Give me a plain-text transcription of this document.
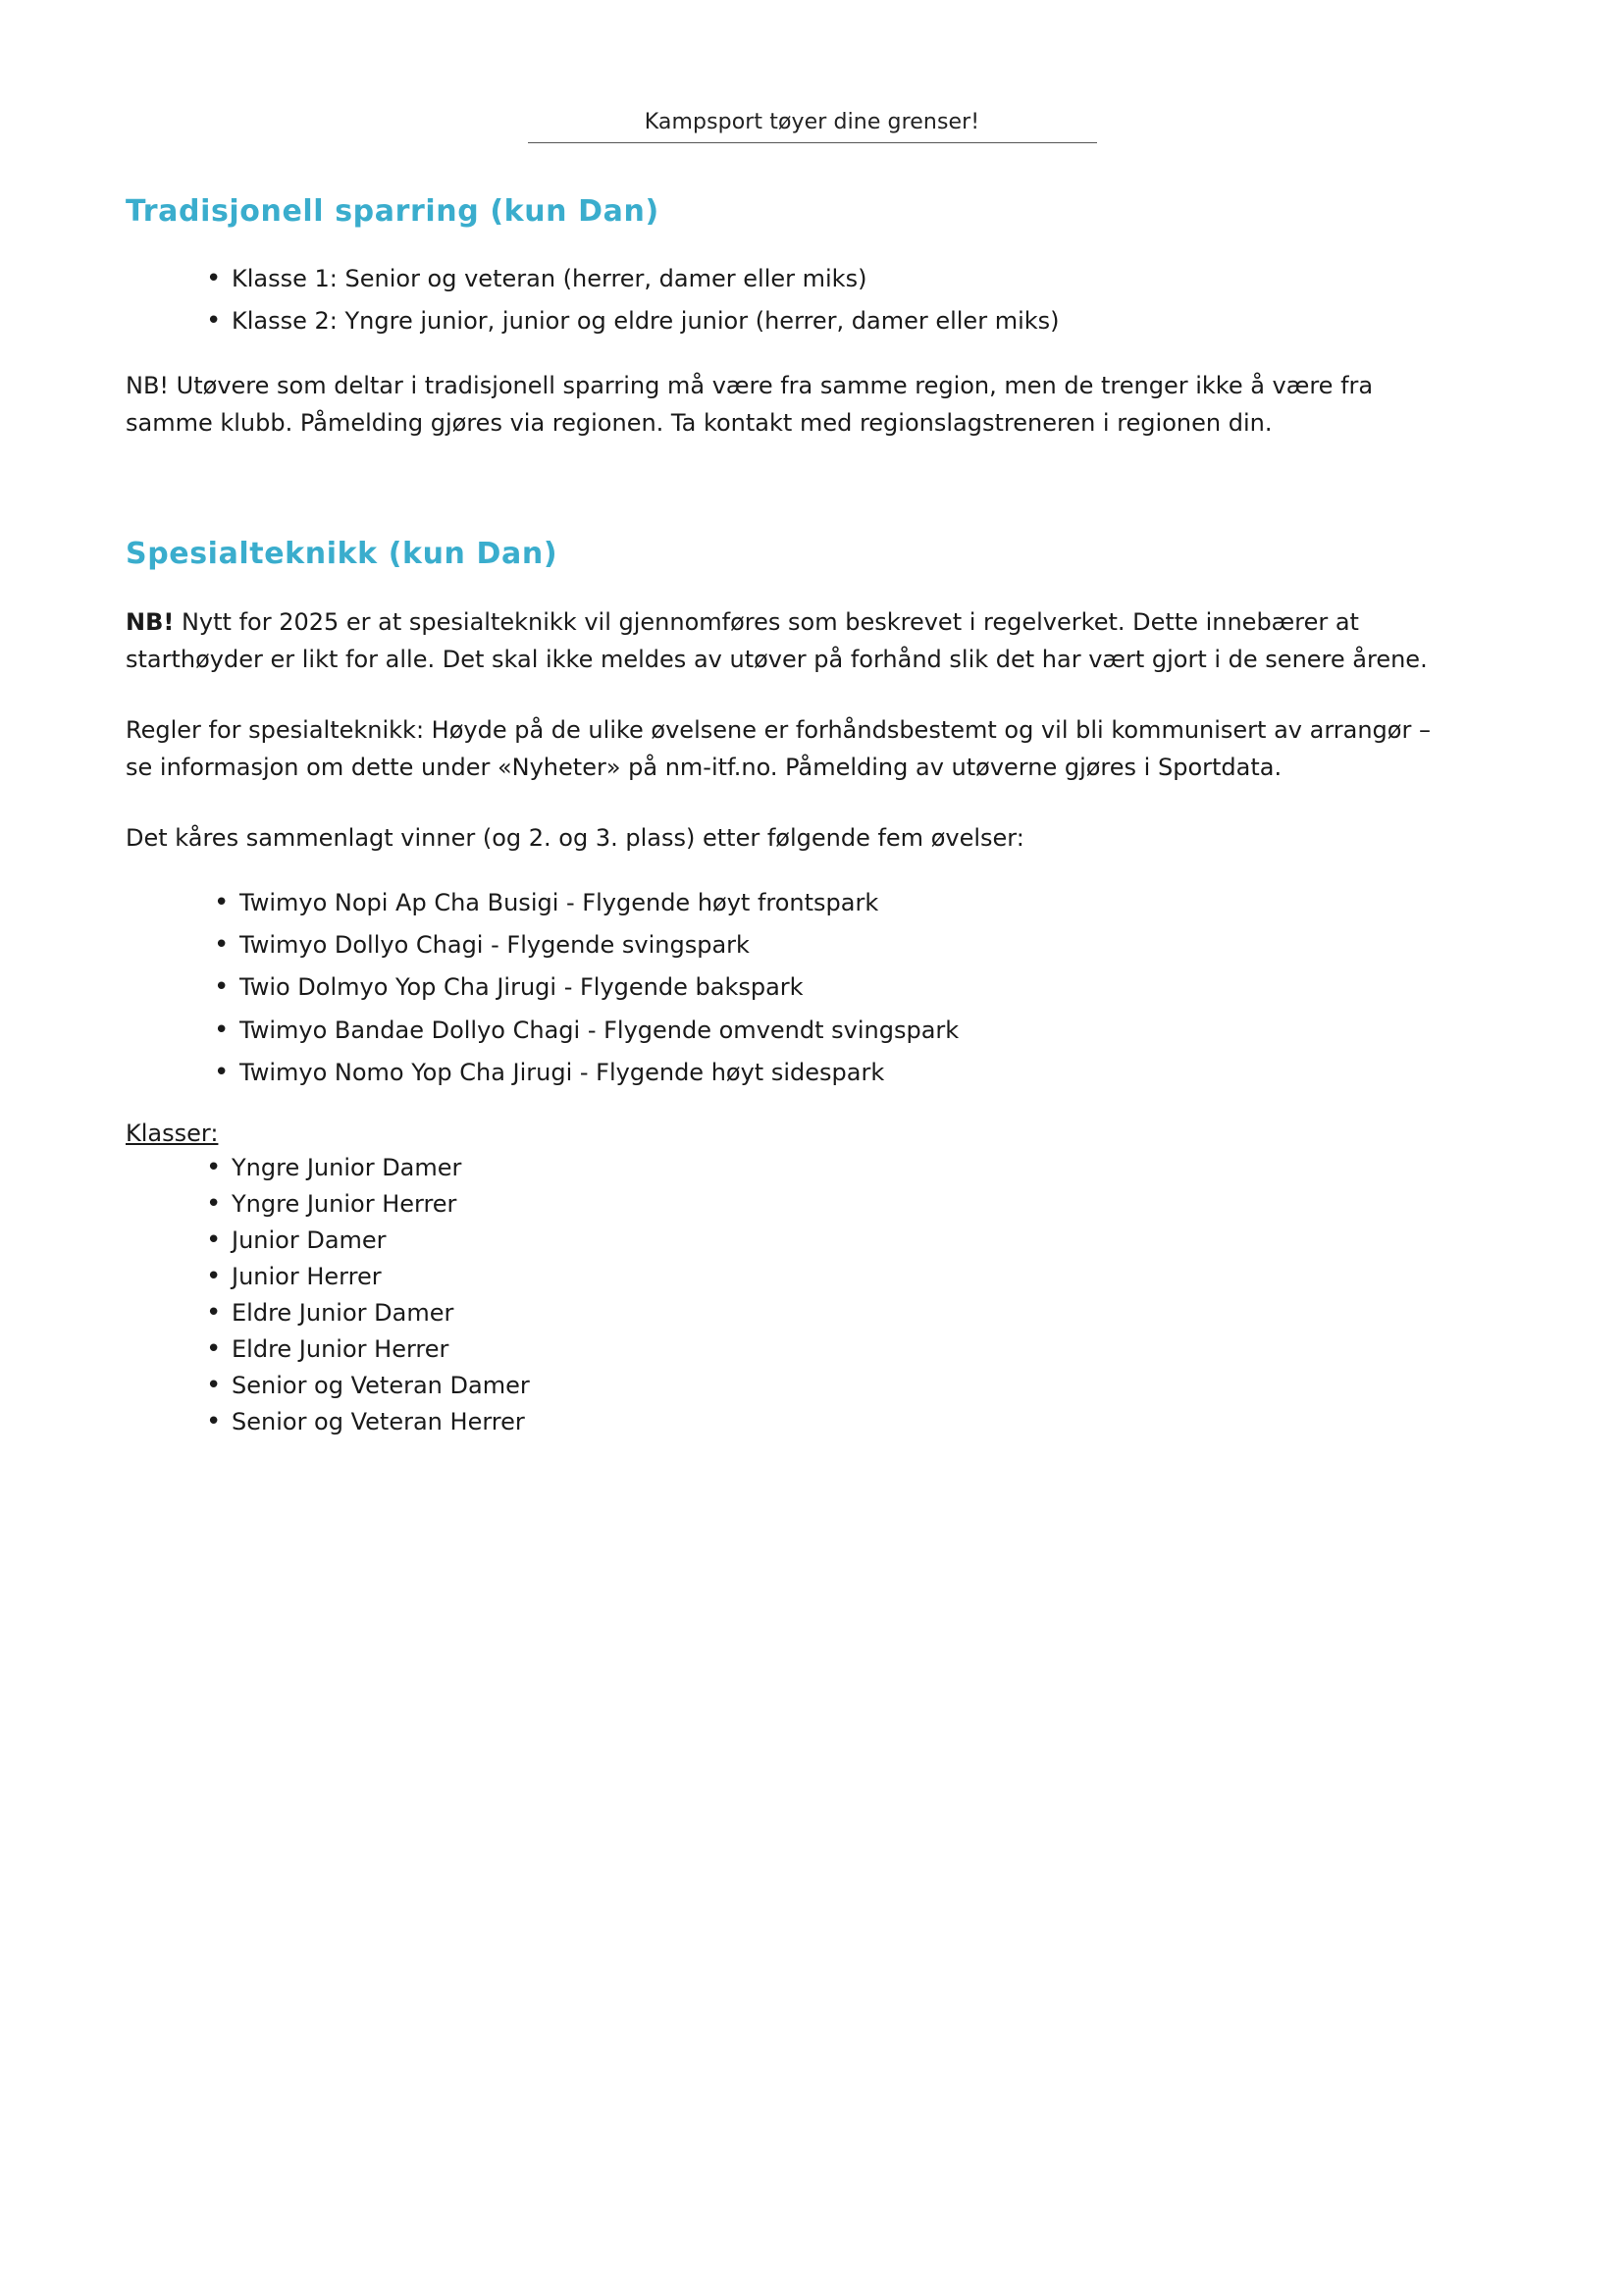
Kampsport tøyer dine grenser!
Tradisjonell sparring (kun Dan)
• Klasse 1: Senior og veteran (herrer, damer eller miks)
• Klasse 2: Yngre junior, junior og eldre junior (herrer, damer eller miks)

NB! Utøvere som deltar i tradisjonell sparring må være fra samme region, men de trenger ikke å være fra samme klubb. Påmelding gjøres via regionen. Ta kontakt med regionslagstreneren i regionen din.

Spesialteknikk (kun Dan)

NB! Nytt for 2025 er at spesialteknikk vil gjennomføres som beskrevet i regelverket. Dette innebærer at starthøyder er likt for alle. Det skal ikke meldes av utøver på forhånd slik det har vært gjort i de senere årene.

Regler for spesialteknikk: Høyde på de ulike øvelsene er forhåndsbestemt og vil bli kommunisert av arrangør – se informasjon om dette under «Nyheter» på nm-itf.no. Påmelding av utøverne gjøres i Sportdata.

Det kåres sammenlagt vinner (og 2. og 3. plass) etter følgende fem øvelser:

• Twimyo Nopi Ap Cha Busigi - Flygende høyt frontspark
• Twimyo Dollyo Chagi - Flygende svingspark
• Twio Dolmyo Yop Cha Jirugi - Flygende bakspark
• Twimyo Bandae Dollyo Chagi - Flygende omvendt svingspark
• Twimyo Nomo Yop Cha Jirugi - Flygende høyt sidespark
Klasser:
• Yngre Junior Damer
• Yngre Junior Herrer
• Junior Damer
• Junior Herrer
• Eldre Junior Damer
• Eldre Junior Herrer
• Senior og Veteran Damer
• Senior og Veteran Herrer
